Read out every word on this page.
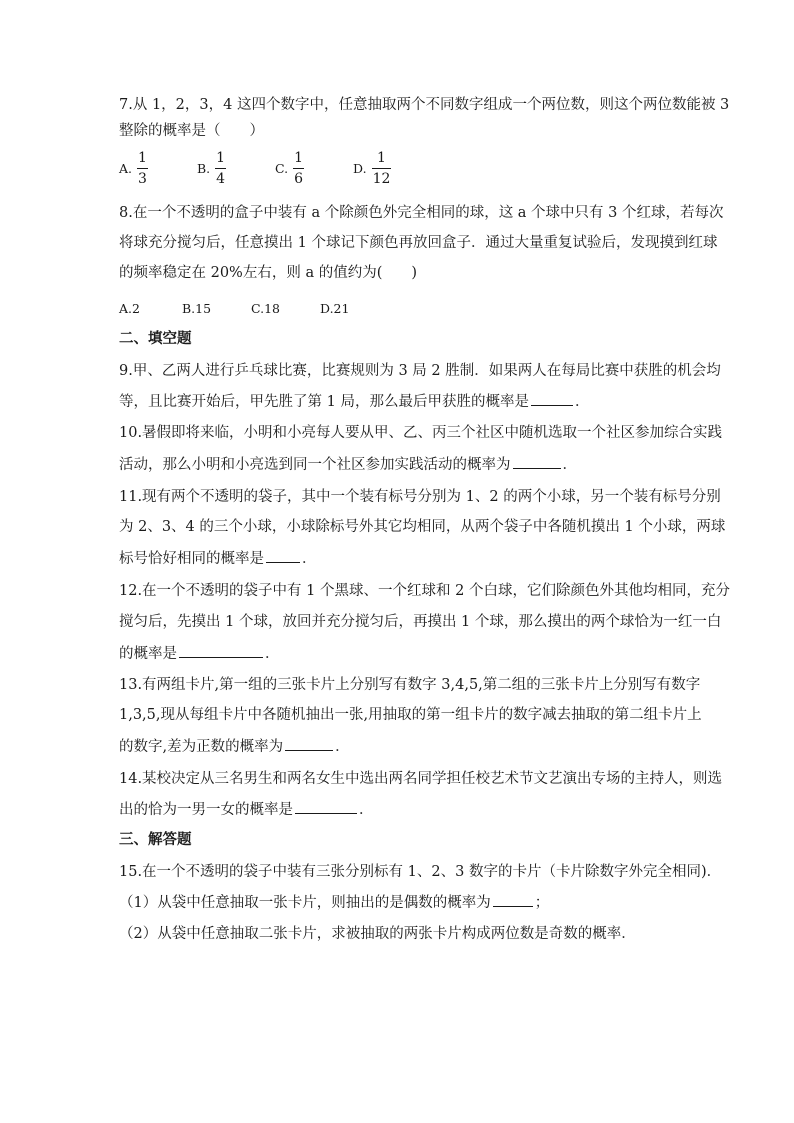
7.从 1，2，3，4 这四个数字中，任意抽取两个不同数字组成一个两位数，则这个两位数能被 3
整除的概率是（　　）
A. $\frac{1}{3}$	B. $\frac{1}{4}$	C. $\frac{1}{6}$	D. $\frac{1}{12}$
8.在一个不透明的盒子中装有 a 个除颜色外完全相同的球，这 a 个球中只有 3 个红球，若每次
将球充分搅匀后，任意摸出 1 个球记下颜色再放回盒子．通过大量重复试验后，发现摸到红球
的频率稳定在 20%左右，则 a 的值约为(　　)
A.2	B.15	C.18	D.21
二、填空题
9.甲、乙两人进行乒乓球比赛，比赛规则为 3 局 2 胜制．如果两人在每局比赛中获胜的机会均
等，且比赛开始后，甲先胜了第 1 局，那么最后甲获胜的概率是	．
10.暑假即将来临，小明和小亮每人要从甲、乙、丙三个社区中随机选取一个社区参加综合实践
活动，那么小明和小亮选到同一个社区参加实践活动的概率为	．
11.现有两个不透明的袋子，其中一个装有标号分别为 1、2 的两个小球，另一个装有标号分别
为 2、3、4 的三个小球，小球除标号外其它均相同，从两个袋子中各随机摸出 1 个小球，两球
标号恰好相同的概率是	．
12.在一个不透明的袋子中有 1 个黑球、一个红球和 2 个白球，它们除颜色外其他均相同，充分
搅匀后，先摸出 1 个球，放回并充分搅匀后，再摸出 1 个球，那么摸出的两个球恰为一红一白
的概率是	．
13.有两组卡片,第一组的三张卡片上分别写有数字 3,4,5,第二组的三张卡片上分别写有数字
1,3,5,现从每组卡片中各随机抽出一张,用抽取的第一组卡片的数字减去抽取的第二组卡片上
的数字,差为正数的概率为	．
14.某校决定从三名男生和两名女生中选出两名同学担任校艺术节文艺演出专场的主持人，则选
出的恰为一男一女的概率是	．
三、解答题
15.在一个不透明的袋子中装有三张分别标有 1、2、3 数字的卡片（卡片除数字外完全相同)．
（1）从袋中任意抽取一张卡片，则抽出的是偶数的概率为	；
（2）从袋中任意抽取二张卡片，求被抽取的两张卡片构成两位数是奇数的概率．
